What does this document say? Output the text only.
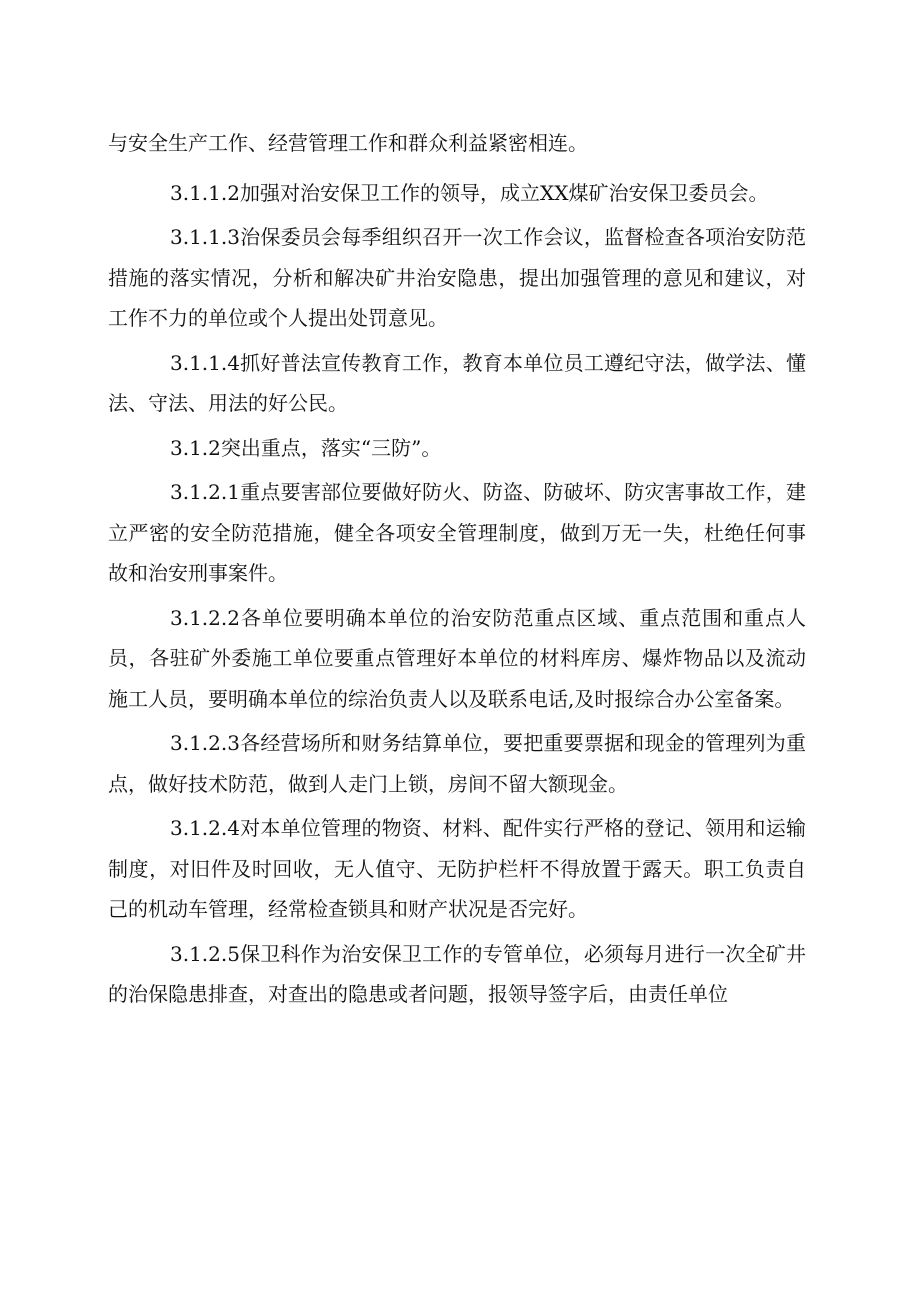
与安全生产工作、经营管理工作和群众利益紧密相连。

3.1.1.2加强对治安保卫工作的领导，成立XX煤矿治安保卫委员会。

3.1.1.3治保委员会每季组织召开一次工作会议，监督检查各项治安防范措施的落实情况，分析和解决矿井治安隐患，提出加强管理的意见和建议，对工作不力的单位或个人提出处罚意见。

3.1.1.4抓好普法宣传教育工作，教育本单位员工遵纪守法，做学法、懂法、守法、用法的好公民。

3.1.2突出重点，落实“三防”。

3.1.2.1重点要害部位要做好防火、防盗、防破坏、防灾害事故工作，建立严密的安全防范措施，健全各项安全管理制度，做到万无一失，杜绝任何事故和治安刑事案件。

3.1.2.2各单位要明确本单位的治安防范重点区域、重点范围和重点人员，各驻矿外委施工单位要重点管理好本单位的材料库房、爆炸物品以及流动施工人员，要明确本单位的综治负责人以及联系电话,及时报综合办公室备案。

3.1.2.3各经营场所和财务结算单位，要把重要票据和现金的管理列为重点，做好技术防范，做到人走门上锁，房间不留大额现金。

3.1.2.4对本单位管理的物资、材料、配件实行严格的登记、领用和运输制度，对旧件及时回收，无人值守、无防护栏杆不得放置于露天。职工负责自己的机动车管理，经常检查锁具和财产状况是否完好。

3.1.2.5保卫科作为治安保卫工作的专管单位，必须每月进行一次全矿井的治保隐患排查，对查出的隐患或者问题，报领导签字后，由责任单位
